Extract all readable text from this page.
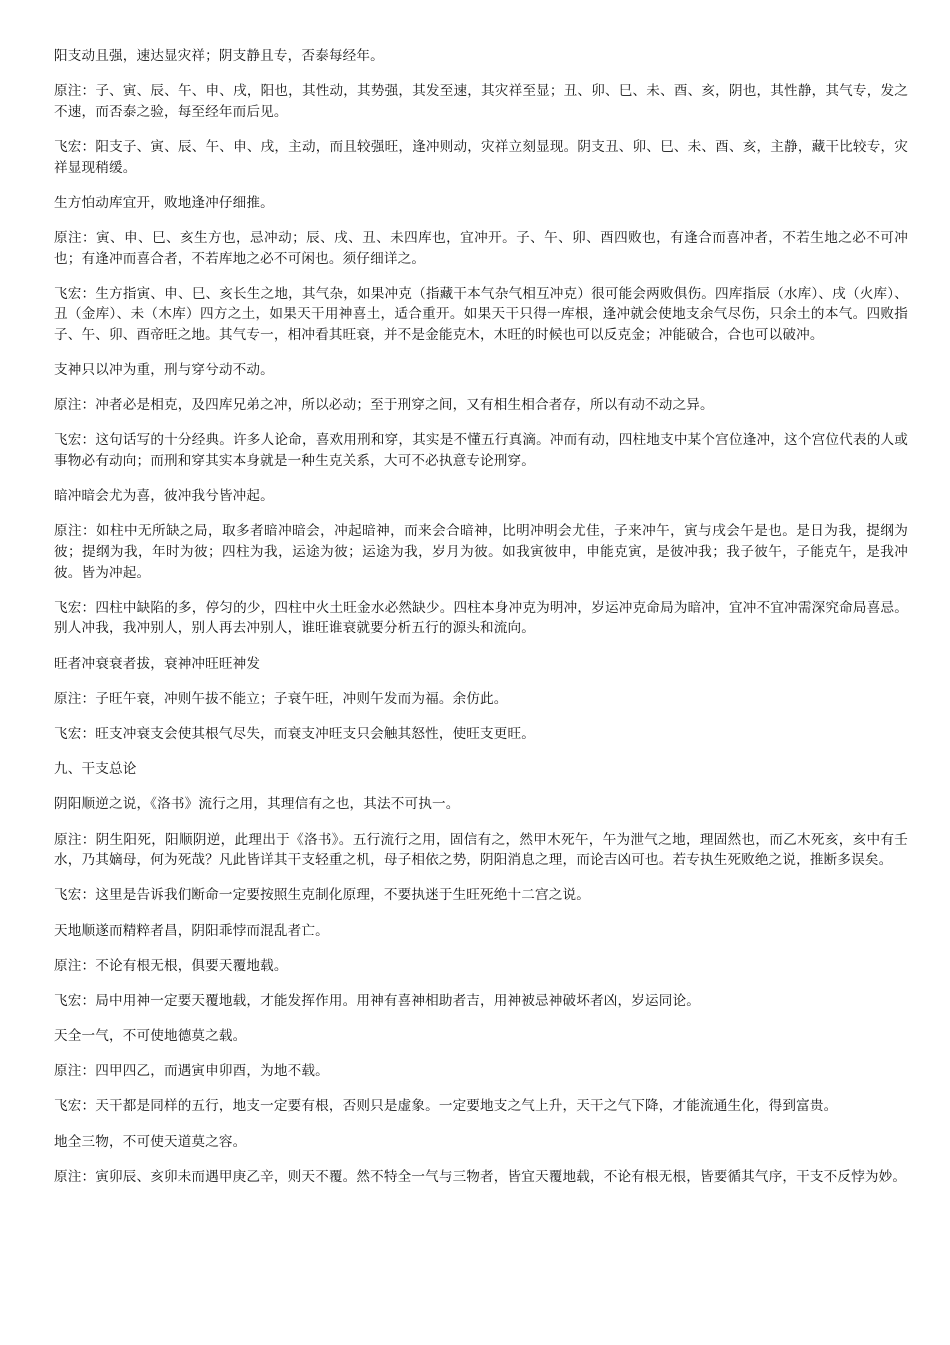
阳支动且强，速达显灾祥；阴支静且专，否泰每经年。

原注：子、寅、辰、午、申、戌，阳也，其性动，其势强，其发至速，其灾祥至显；丑、卯、巳、未、酉、亥，阴也，其性静，其气专，发之不速，而否泰之验，每至经年而后见。

飞宏：阳支子、寅、辰、午、申、戌，主动，而且较强旺，逢冲则动，灾祥立刻显现。阴支丑、卯、巳、未、酉、亥，主静，藏干比较专，灾祥显现稍缓。

生方怕动库宜开，败地逢冲仔细推。

原注：寅、申、巳、亥生方也，忌冲动；辰、戌、丑、未四库也，宜冲开。子、午、卯、酉四败也，有逢合而喜冲者，不若生地之必不可冲也；有逢冲而喜合者，不若库地之必不可闲也。须仔细详之。

飞宏：生方指寅、申、巳、亥长生之地，其气杂，如果冲克（指藏干本气杂气相互冲克）很可能会两败俱伤。四库指辰（水库）、戌（火库）、丑（金库）、未（木库）四方之土，如果天干用神喜土，适合重开。如果天干只得一库根，逢冲就会使地支余气尽伤，只余土的本气。四败指子、午、卯、酉帝旺之地。其气专一，相冲看其旺衰，并不是金能克木，木旺的时候也可以反克金；冲能破合，合也可以破冲。

支神只以冲为重，刑与穿兮动不动。

原注：冲者必是相克，及四库兄弟之冲，所以必动；至于刑穿之间，又有相生相合者存，所以有动不动之异。

飞宏：这句话写的十分经典。许多人论命，喜欢用刑和穿，其实是不懂五行真滴。冲而有动，四柱地支中某个宫位逢冲，这个宫位代表的人或事物必有动向；而刑和穿其实本身就是一种生克关系，大可不必执意专论刑穿。

暗冲暗会尤为喜，彼冲我兮皆冲起。

原注：如柱中无所缺之局，取多者暗冲暗会，冲起暗神，而来会合暗神，比明冲明会尤佳，子来冲午，寅与戌会午是也。是日为我，提纲为彼；提纲为我，年时为彼；四柱为我，运途为彼；运途为我，岁月为彼。如我寅彼申，申能克寅，是彼冲我；我子彼午，子能克午，是我冲彼。皆为冲起。

飞宏：四柱中缺陷的多，停匀的少，四柱中火土旺金水必然缺少。四柱本身冲克为明冲，岁运冲克命局为暗冲，宜冲不宜冲需深究命局喜忌。别人冲我，我冲别人，别人再去冲别人，谁旺谁衰就要分析五行的源头和流向。

旺者冲衰衰者拔，衰神冲旺旺神发

原注：子旺午衰，冲则午拔不能立；子衰午旺，冲则午发而为福。余仿此。

飞宏：旺支冲衰支会使其根气尽失，而衰支冲旺支只会触其怒性，使旺支更旺。

九、干支总论

阴阳顺逆之说，《洛书》流行之用，其理信有之也，其法不可执一。

原注：阴生阳死，阳顺阴逆，此理出于《洛书》。五行流行之用，固信有之，然甲木死午，午为泄气之地，理固然也，而乙木死亥，亥中有壬水，乃其嫡母，何为死哉？凡此皆详其干支轻重之机，母子相依之势，阴阳消息之理，而论吉凶可也。若专执生死败绝之说，推断多误矣。

飞宏：这里是告诉我们断命一定要按照生克制化原理，不要执迷于生旺死绝十二宫之说。

天地顺遂而精粹者昌，阴阳乖悖而混乱者亡。

原注：不论有根无根，俱要天覆地载。

飞宏：局中用神一定要天覆地载，才能发挥作用。用神有喜神相助者吉，用神被忌神破坏者凶，岁运同论。

天全一气，不可使地德莫之载。

原注：四甲四乙，而遇寅申卯酉，为地不载。

飞宏：天干都是同样的五行，地支一定要有根，否则只是虚象。一定要地支之气上升，天干之气下降，才能流通生化，得到富贵。

地全三物，不可使天道莫之容。

原注：寅卯辰、亥卯未而遇甲庚乙辛，则天不覆。然不特全一气与三物者，皆宜天覆地载，不论有根无根，皆要循其气序，干支不反悖为妙。
